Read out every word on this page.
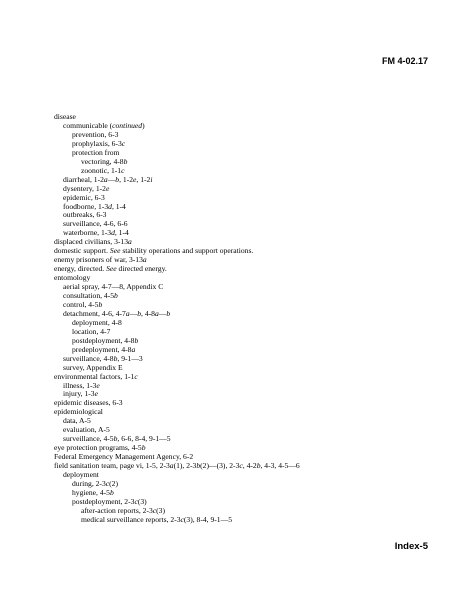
FM 4-02.17
disease
communicable (continued)
prevention, 6-3
prophylaxis, 6-3c
protection from
vectoring, 4-8b
zoonotic, 1-1c
diarrheal, 1-2a—b, 1-2e, 1-2i
dysentery, 1-2e
epidemic, 6-3
foodborne, 1-3d, 1-4
outbreaks, 6-3
surveillance, 4-6, 6-6
waterborne, 1-3d, 1-4
displaced civilians, 3-13a
domestic support. See stability operations and support operations.
enemy prisoners of war, 3-13a
energy, directed. See directed energy.
entomology
aerial spray, 4-7—8, Appendix C
consultation, 4-5b
control, 4-5b
detachment, 4-6, 4-7a—b, 4-8a—b
deployment, 4-8
location, 4-7
postdeployment, 4-8b
predeployment, 4-8a
surveillance, 4-8b, 9-1—3
survey, Appendix E
environmental factors, 1-1c
illness, 1-3e
injury, 1-3e
epidemic diseases, 6-3
epidemiological
data, A-5
evaluation, A-5
surveillance, 4-5b, 6-6, 8-4, 9-1—5
eye protection programs, 4-5b
Federal Emergency Management Agency, 6-2
field sanitation team, page vi, 1-5, 2-3a(1), 2-3b(2)—(3), 2-3c, 4-2b, 4-3, 4-5—6
deployment
during, 2-3c(2)
hygiene, 4-5b
postdeployment, 2-3c(3)
after-action reports, 2-3c(3)
medical surveillance reports, 2-3c(3), 8-4, 9-1—5
Index-5
